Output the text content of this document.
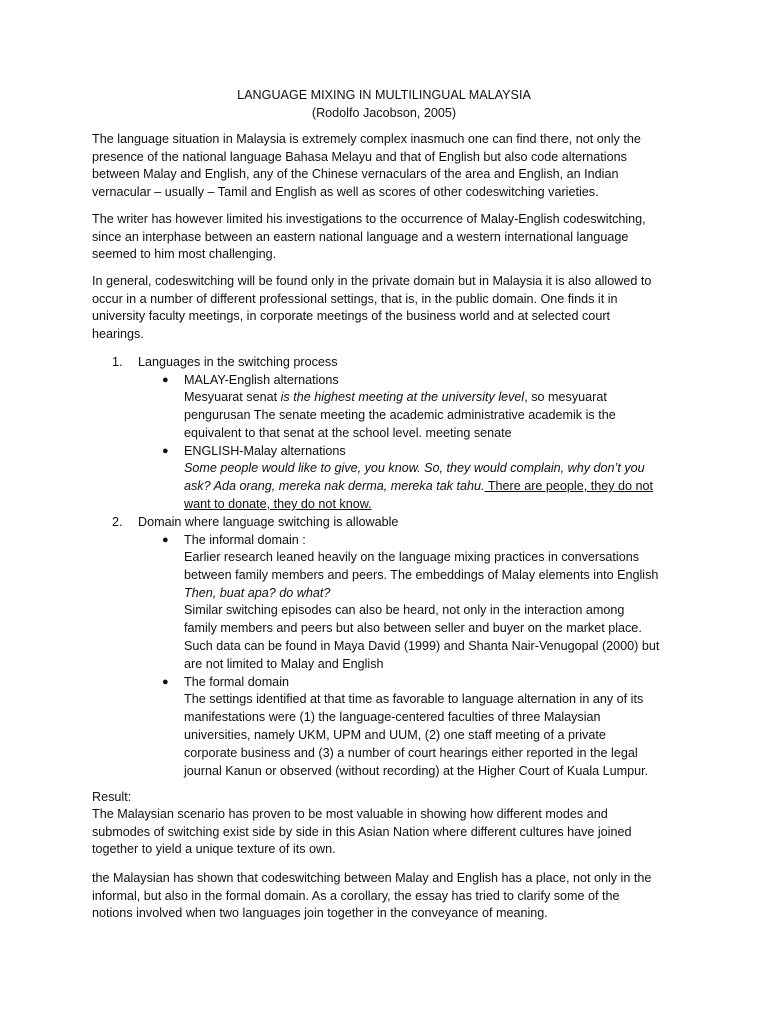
LANGUAGE MIXING IN MULTILINGUAL MALAYSIA
(Rodolfo Jacobson, 2005)
The language situation in Malaysia is extremely complex inasmuch one can find there, not only the
presence of the national language Bahasa Melayu and that of English but also code alternations
between Malay and English, any of the Chinese vernaculars of the area and English, an Indian
vernacular – usually – Tamil and English as well as scores of other codeswitching varieties.
The writer has however limited his investigations to the occurrence of Malay-English codeswitching,
since an interphase between an eastern national language and a western international language
seemed to him most challenging.
In general, codeswitching will be found only in the private domain but in Malaysia it is also allowed to
occur in a number of different professional settings, that is, in the public domain. One finds it in
university faculty meetings, in corporate meetings of the business world and at selected court
hearings.
1. Languages in the switching process
● MALAY-English alternations
Mesyuarat senat is the highest meeting at the university level, so mesyuarat
pengurusan The senate meeting the academic administrative academik is the
equivalent to that senat at the school level. meeting senate
● ENGLISH-Malay alternations
Some people would like to give, you know. So, they would complain, why don’t you
ask? Ada orang, mereka nak derma, mereka tak tahu. There are people, they do not
want to donate, they do not know.
2. Domain where language switching is allowable
● The informal domain :
Earlier research leaned heavily on the language mixing practices in conversations
between family members and peers. The embeddings of Malay elements into English
Then, buat apa? do what?
Similar switching episodes can also be heard, not only in the interaction among
family members and peers but also between seller and buyer on the market place.
Such data can be found in Maya David (1999) and Shanta Nair-Venugopal (2000) but
are not limited to Malay and English
● The formal domain
The settings identified at that time as favorable to language alternation in any of its
manifestations were (1) the language-centered faculties of three Malaysian
universities, namely UKM, UPM and UUM, (2) one staff meeting of a private
corporate business and (3) a number of court hearings either reported in the legal
journal Kanun or observed (without recording) at the Higher Court of Kuala Lumpur.
Result:
The Malaysian scenario has proven to be most valuable in showing how different modes and
submodes of switching exist side by side in this Asian Nation where different cultures have joined
together to yield a unique texture of its own.
the Malaysian has shown that codeswitching between Malay and English has a place, not only in the
informal, but also in the formal domain. As a corollary, the essay has tried to clarify some of the
notions involved when two languages join together in the conveyance of meaning.
